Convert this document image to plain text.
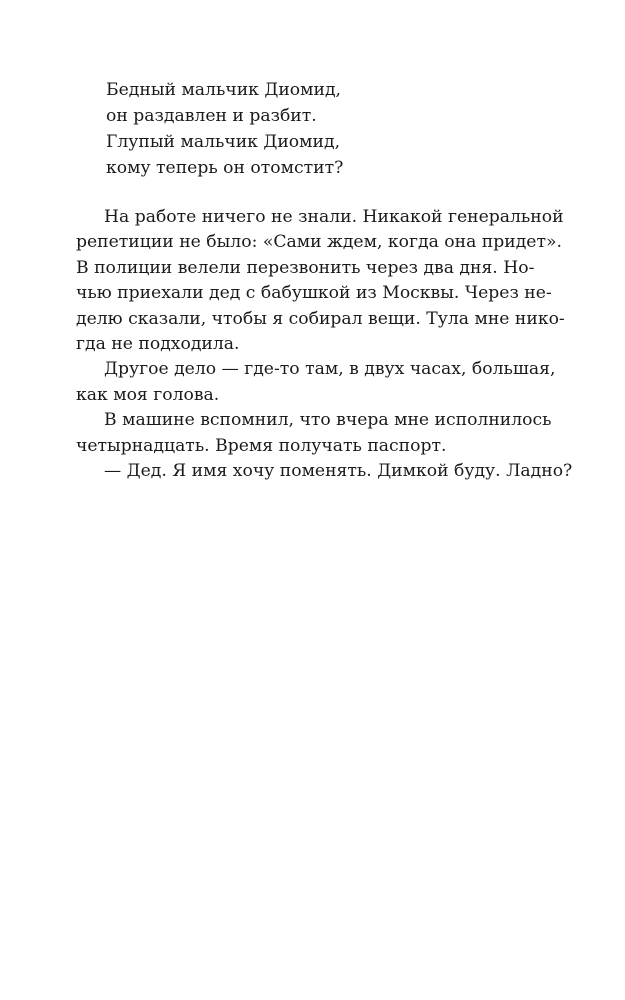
Бедный мальчик Диомид,
он раздавлен и разбит.
Глупый мальчик Диомид,
кому теперь он отомстит?
На работе ничего не знали. Никакой генеральной
репетиции не было: «Сами ждем, когда она придет».
В полиции велели перезвонить через два дня. Но-
чью приехали дед с бабушкой из Москвы. Через не-
делю сказали, чтобы я собирал вещи. Тула мне нико-
гда не подходила.
Другое дело — где-то там, в двух часах, большая,
как моя голова.
В машине вспомнил, что вчера мне исполнилось
четырнадцать. Время получать паспорт.
— Дед. Я имя хочу поменять. Димкой буду. Ладно?
